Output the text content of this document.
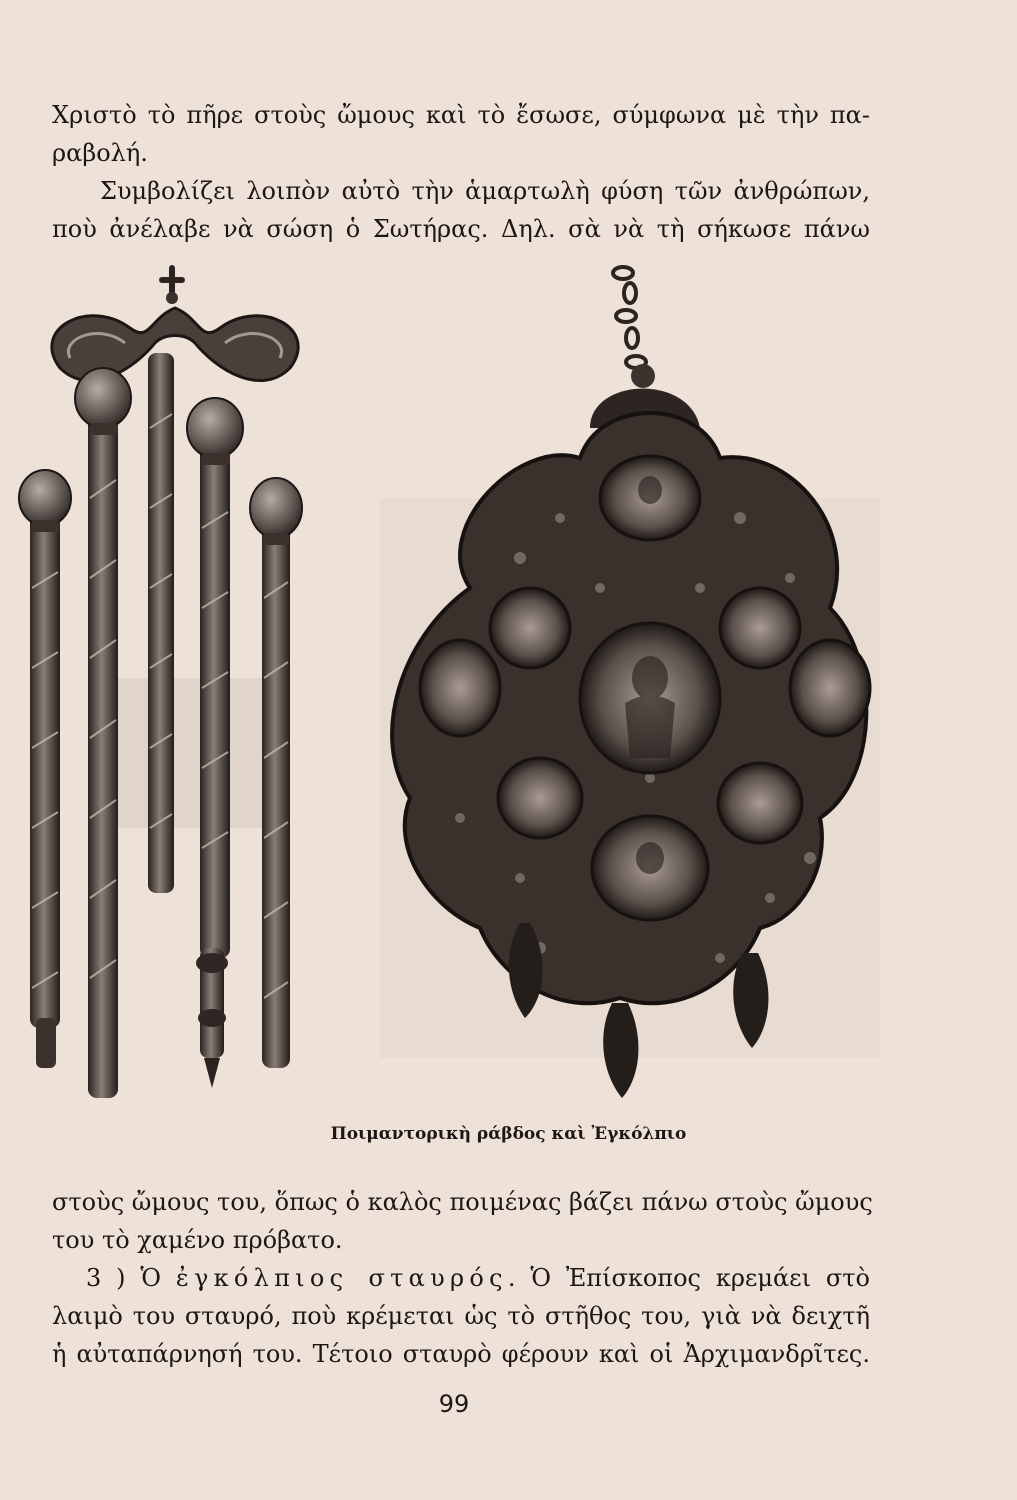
Χριστὸ τὸ πῆρε στοὺς ὤμους καὶ τὸ ἔσωσε, σύμφωνα μὲ τὴν πα-
ραβολή.
Συμβολίζει λοιπὸν αὐτὸ τὴν ἁμαρτωλὴ φύση τῶν ἀνθρώπων,
ποὺ ἀνέλαβε νὰ σώση ὁ Σωτήρας. Δηλ. σὰ νὰ τὴ σήκωσε πάνω
Ποιμαντορικὴ ράβδος καὶ Ἐγκόλπιο
στοὺς ὤμους του, ὅπως ὁ καλὸς ποιμένας βάζει πάνω στοὺς ὤμους
του τὸ χαμένο πρόβατο.
3 ) Ὁ ἐγκόλπιος σταυρός. Ὁ Ἐπίσκοπος κρεμάει στὸ
λαιμὸ του σταυρό, ποὺ κρέμεται ὡς τὸ στῆθος του, γιὰ νὰ δειχτῆ
ἡ αὐταπάρνησή του. Τέτοιο σταυρὸ φέρουν καὶ οἱ Ἀρχιμανδρῖτες.
99
